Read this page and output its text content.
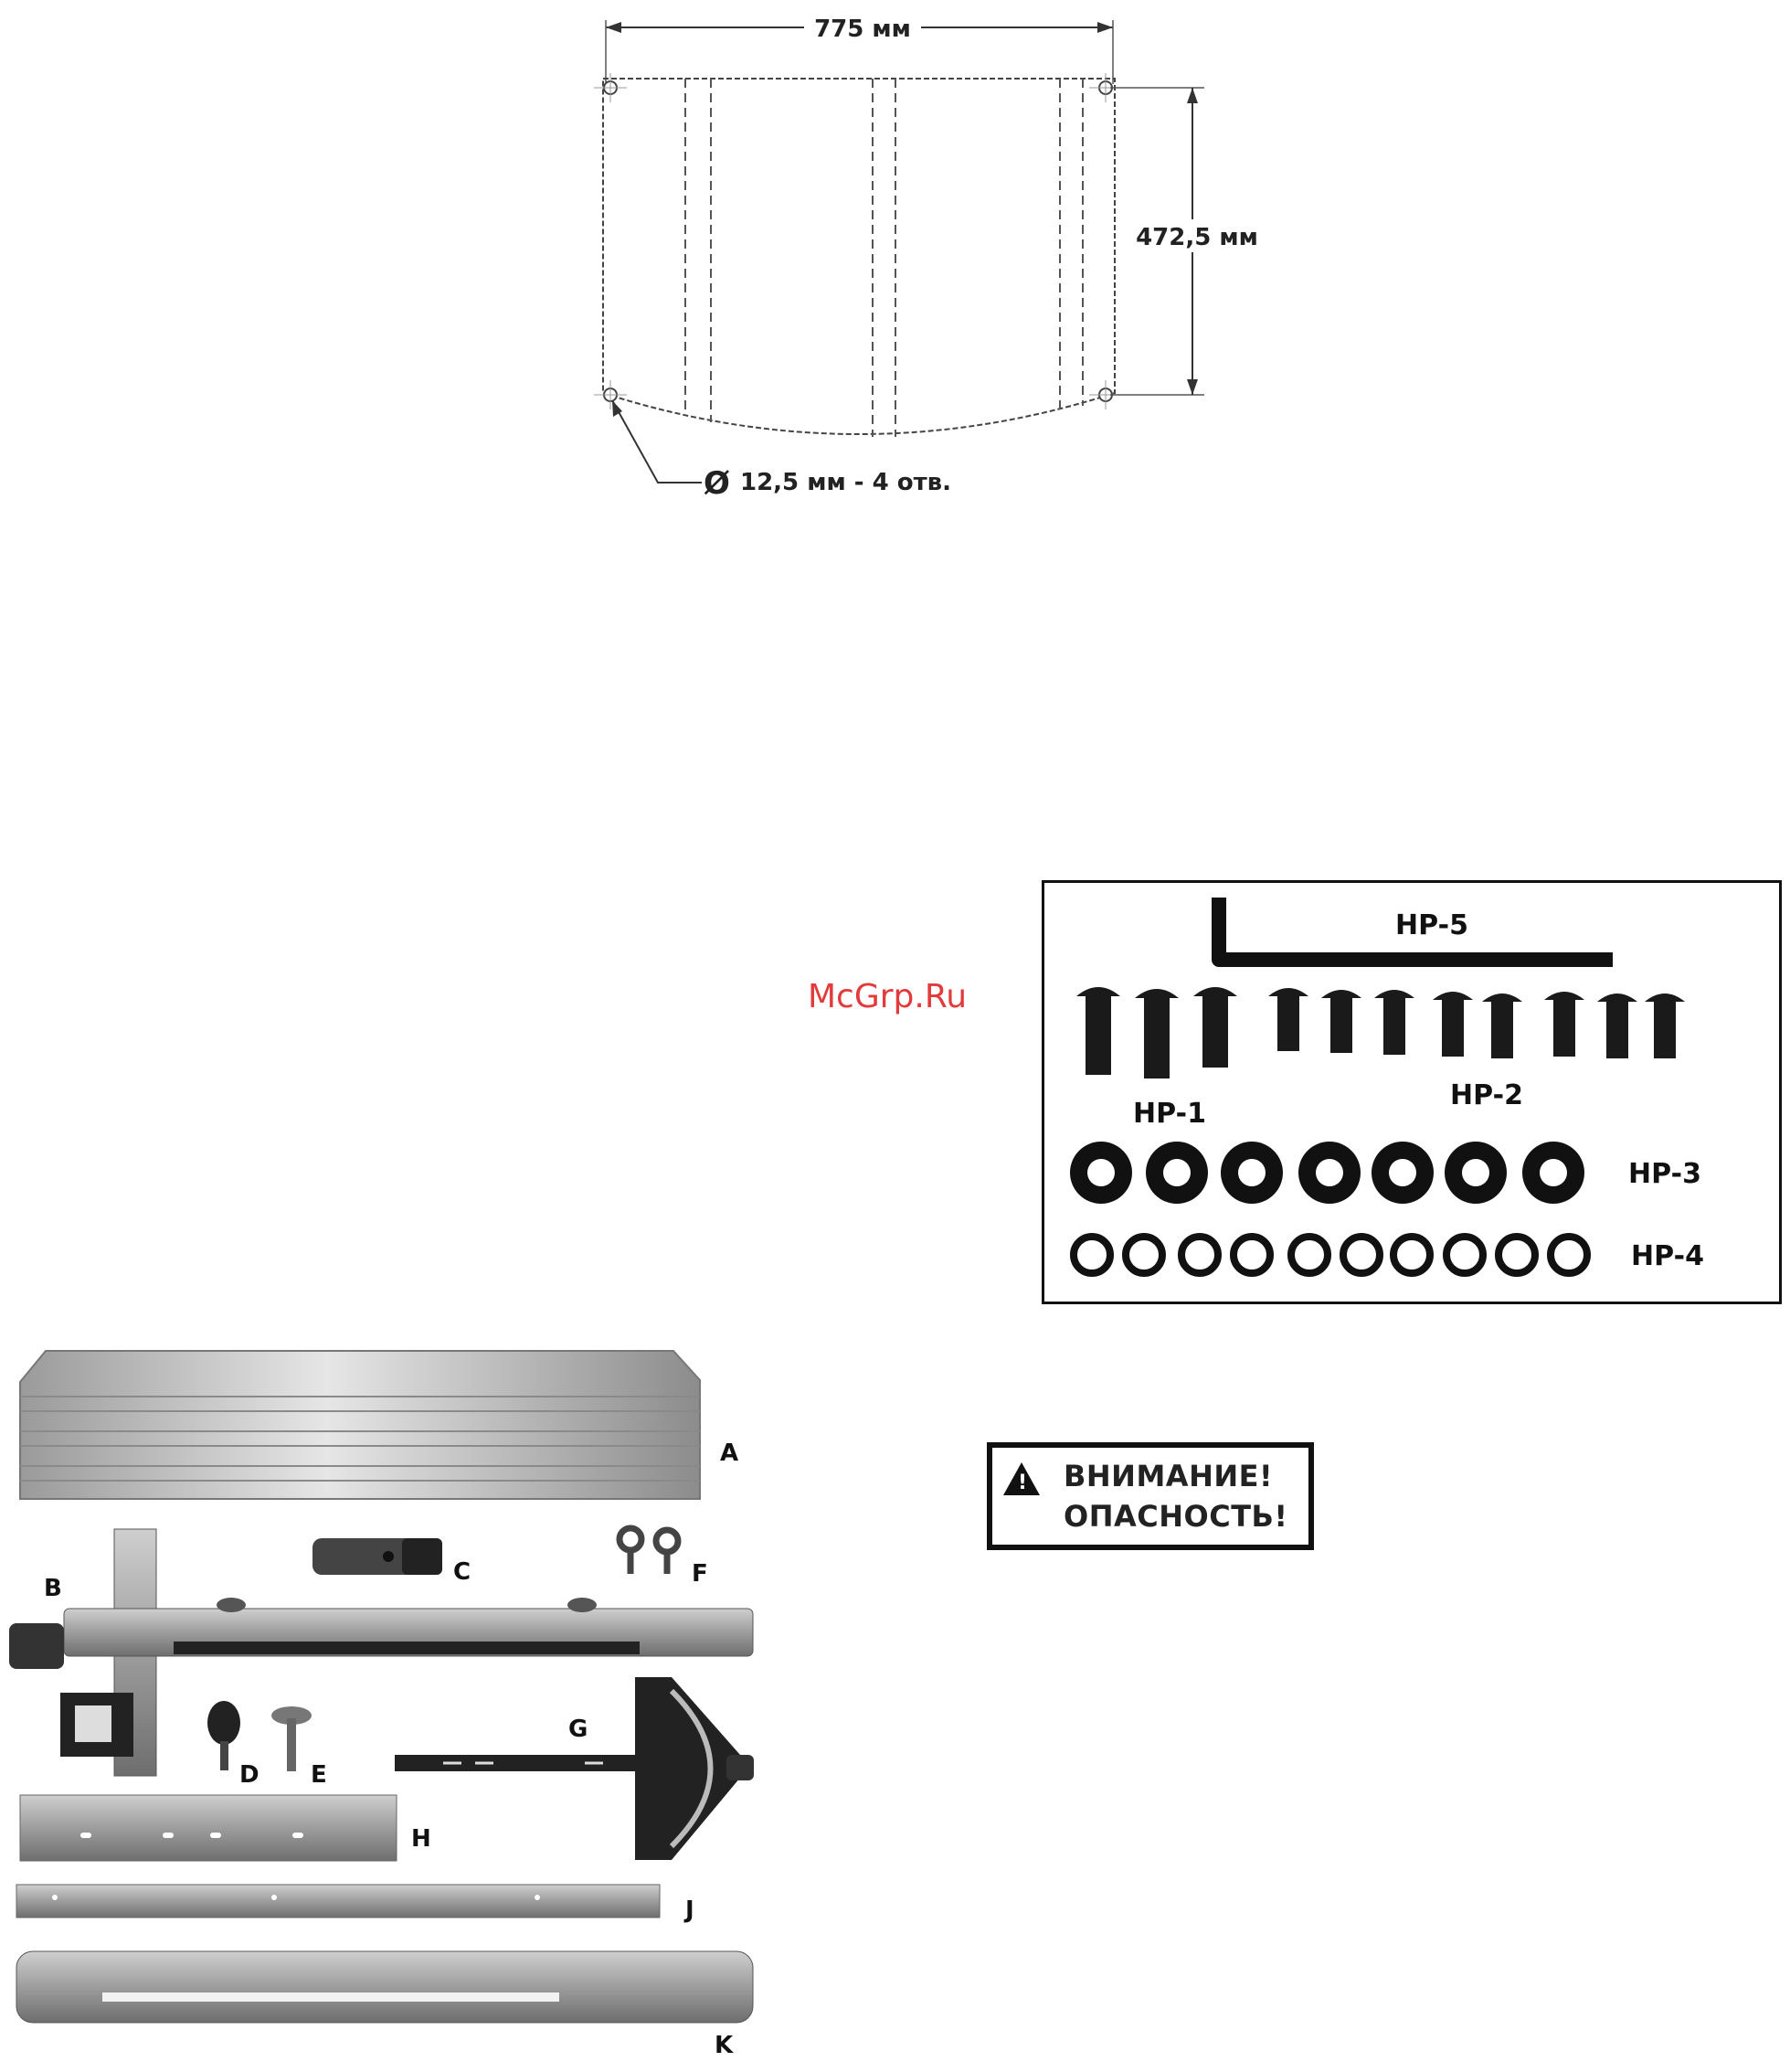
775 мм
472,5 мм
Ø 12,5 мм - 4 отв.
McGrp.Ru
HP-5
HP-1
HP-2
HP-3
HP-4
! ВНИМАНИЕ!
ОПАСНОСТЬ!
A
B
C	F
D E
G
H
J
K
